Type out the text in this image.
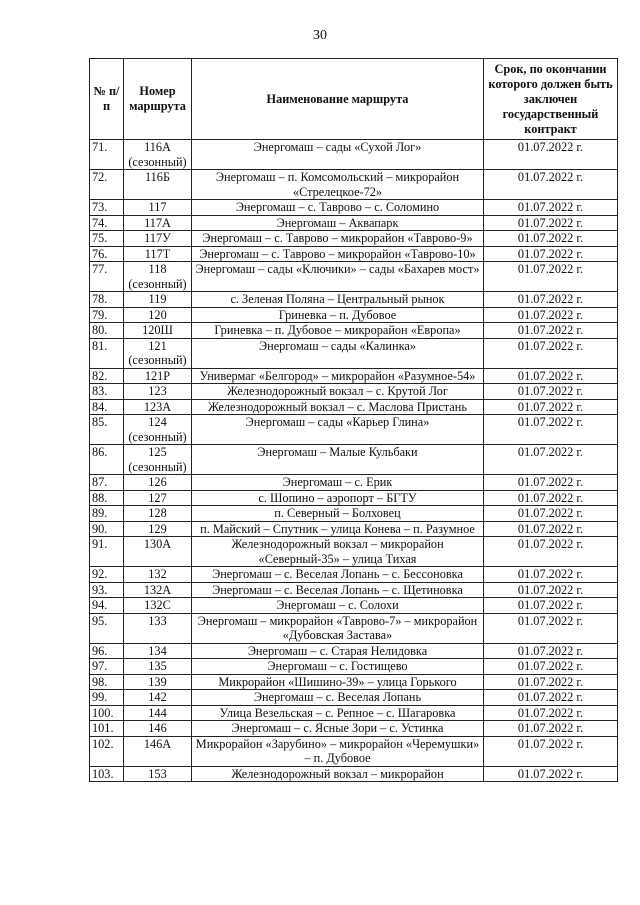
30
№ п/п	Номер маршрута	Наименование маршрута	Срок, по окончании которого должен быть заключен государственный контракт
71.	116А (сезонный)	Энергомаш – сады «Сухой Лог»	01.07.2022 г.
72.	116Б	Энергомаш – п. Комсомольский – микрорайон «Стрелецкое-72»	01.07.2022 г.
73.	117	Энергомаш – с. Таврово – с. Соломино	01.07.2022 г.
74.	117А	Энергомаш – Аквапарк	01.07.2022 г.
75.	117У	Энергомаш – с. Таврово – микрорайон «Таврово-9»	01.07.2022 г.
76.	117Т	Энергомаш – с. Таврово – микрорайон «Таврово-10»	01.07.2022 г.
77.	118 (сезонный)	Энергомаш – сады «Ключики» – сады «Бахарев мост»	01.07.2022 г.
78.	119	с. Зеленая Поляна – Центральный рынок	01.07.2022 г.
79.	120	Гриневка – п. Дубовое	01.07.2022 г.
80.	120Ш	Гриневка – п. Дубовое – микрорайон «Европа»	01.07.2022 г.
81.	121 (сезонный)	Энергомаш – сады «Калинка»	01.07.2022 г.
82.	121Р	Универмаг «Белгород» – микрорайон «Разумное-54»	01.07.2022 г.
83.	123	Железнодорожный вокзал – с. Крутой Лог	01.07.2022 г.
84.	123А	Железнодорожный вокзал – с. Маслова Пристань	01.07.2022 г.
85.	124 (сезонный)	Энергомаш – сады «Карьер Глина»	01.07.2022 г.
86.	125 (сезонный)	Энергомаш – Малые Кульбаки	01.07.2022 г.
87.	126	Энергомаш – с. Ерик	01.07.2022 г.
88.	127	с. Шопино – аэропорт – БГТУ	01.07.2022 г.
89.	128	п. Северный – Болховец	01.07.2022 г.
90.	129	п. Майский – Спутник – улица Конева – п. Разумное	01.07.2022 г.
91.	130А	Железнодорожный вокзал – микрорайон «Северный-35» – улица Тихая	01.07.2022 г.
92.	132	Энергомаш – с. Веселая Лопань – с. Бессоновка	01.07.2022 г.
93.	132А	Энергомаш – с. Веселая Лопань – с. Щетиновка	01.07.2022 г.
94.	132С	Энергомаш – с. Солохи	01.07.2022 г.
95.	133	Энергомаш – микрорайон «Таврово-7» – микрорайон «Дубовская Застава»	01.07.2022 г.
96.	134	Энергомаш – с. Старая Нелидовка	01.07.2022 г.
97.	135	Энергомаш – с. Гостищево	01.07.2022 г.
98.	139	Микрорайон «Шишино-39» – улица Горького	01.07.2022 г.
99.	142	Энергомаш – с. Веселая Лопань	01.07.2022 г.
100.	144	Улица Везельская – с. Репное – с. Шагаровка	01.07.2022 г.
101.	146	Энергомаш – с. Ясные Зори – с. Устинка	01.07.2022 г.
102.	146А	Микрорайон «Зарубино» – микрорайон «Черемушки» – п. Дубовое	01.07.2022 г.
103.	153	Железнодорожный вокзал – микрорайон	01.07.2022 г.
